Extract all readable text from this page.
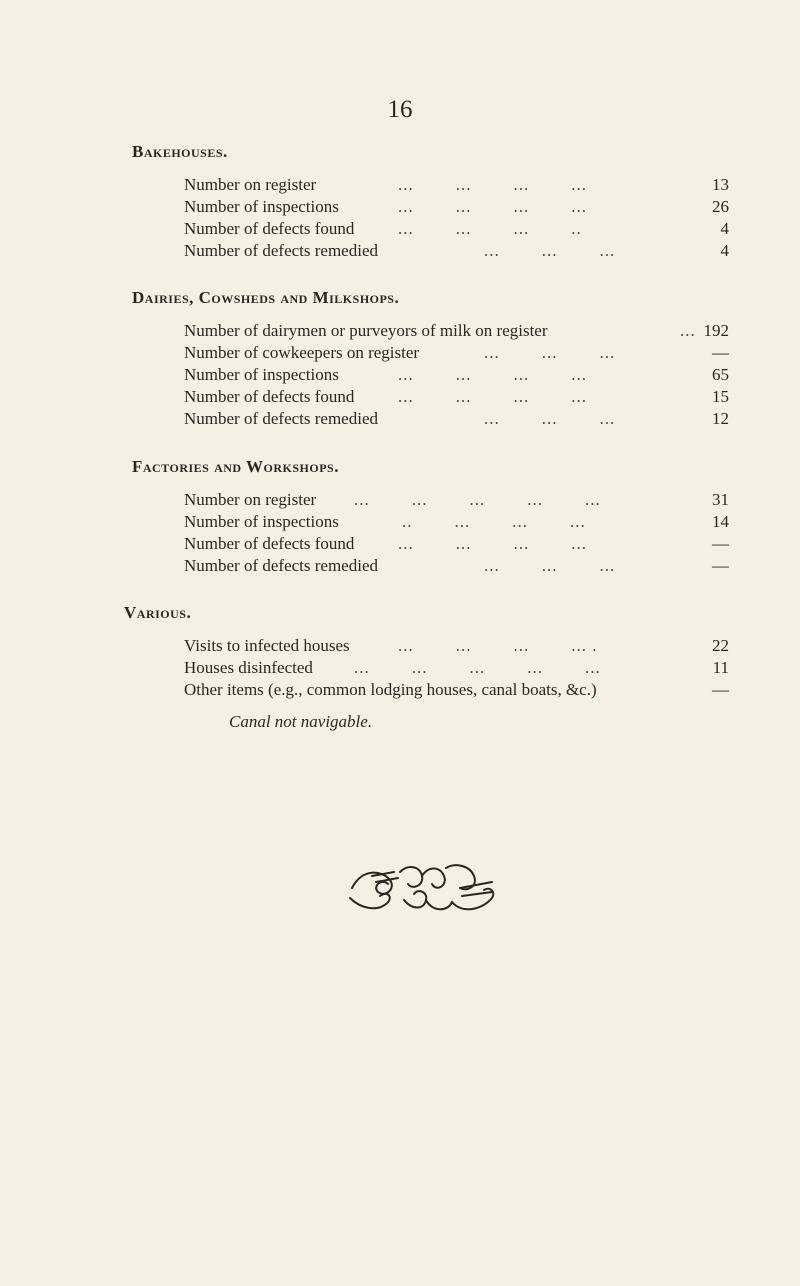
16
Bakehouses.
Number on register	...        ...        ...        ...	13
Number of inspections	...        ...        ...        ...	26
Number of defects found	...        ...        ...        ..	4
Number of defects remedied	...        ...        ...	4
Dairies, Cowsheds and Milkshops.
Number of dairymen or purveyors of milk on register	... 192
Number of cowkeepers on register	...        ...        ...	—
Number of inspections	...        ...        ...        ...	65
Number of defects found	...        ...        ...        ...	15
Number of defects remedied	...        ...        ...	12
Factories and Workshops.
Number on register ...        ...        ...        ...        ...	31
Number of inspections	..        ...        ...        ...	14
Number of defects found	...        ...        ...        ...	—
Number of defects remedied	...        ...        ...	—
Various.
Visits to infected houses	...        ...        ...        ... .	22
Houses disinfected ...        ...        ...        ...        ...	11
Other items (e.g., common lodging houses, canal boats, &c.)	—
Canal not navigable.
